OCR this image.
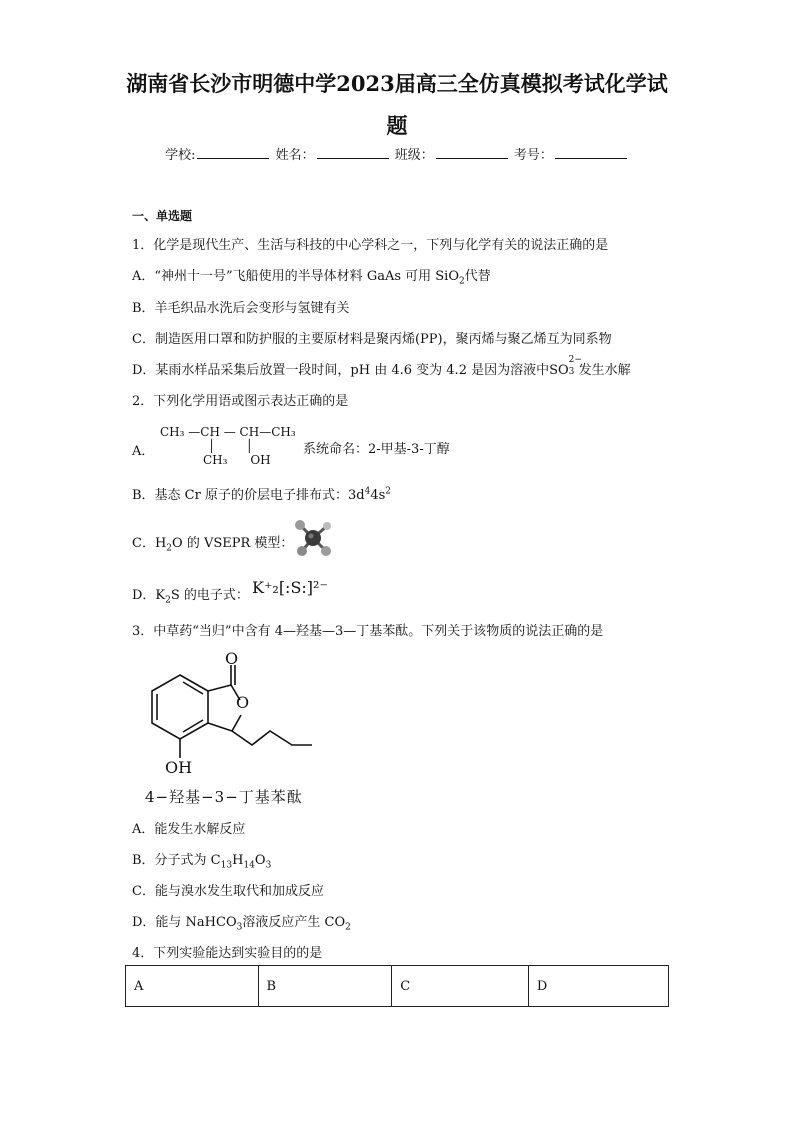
湖南省长沙市明德中学2023届高三全仿真模拟考试化学试
题
学校:	姓名：	班级：	考号：
一、单选题
1．化学是现代生产、生活与科技的中心学科之一，下列与化学有关的说法正确的是
A．“神州十一号”飞船使用的半导体材料 GaAs 可用 SiO$_2$代替
B．羊毛织品水洗后会变形与氢键有关
C．制造医用口罩和防护服的主要原材料是聚丙烯(PP)，聚丙烯与聚乙烯互为同系物
D．某雨水样品采集后放置一段时间，pH 由 4.6 变为 4.2 是因为溶液中SO
2−
3 发生水解
2．下列化学用语或图示表达正确的是
A．
CH₃ —CH — CH—CH₃
│        │
CH₃      OH
系统命名：2-甲基-3-丁醇
B．基态 Cr 原子的价层电子排布式：$3d^44s^2$
C．$H_2O$ 的 VSEPR 模型：
D．$K_2S$ 的电子式： K⁺₂[:S:]²⁻
3．中草药“当归”中含有 4—羟基—3—丁基苯酞。下列关于该物质的说法正确的是
O
O
OH
4−羟基−3−丁基苯酞
A．能发生水解反应
B．分子式为 $C_{13}H_{14}O_3$
C．能与溴水发生取代和加成反应
D．能与 NaHCO$_3$溶液反应产生 $CO_2$
4．下列实验能达到实验目的的是
A	B	C	D
